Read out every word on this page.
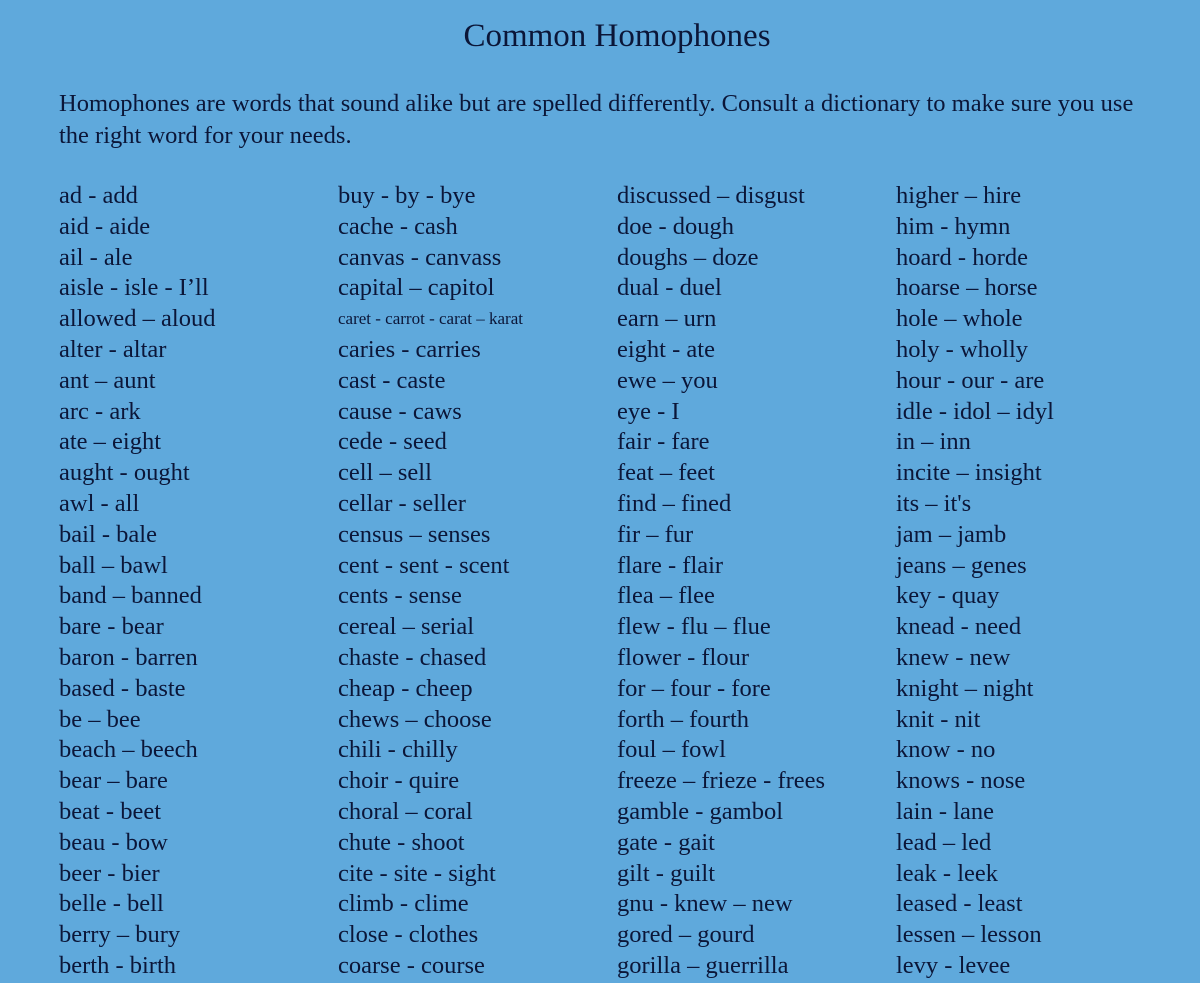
Common Homophones
Homophones are words that sound alike but are spelled differently. Consult a dictionary to make sure you use the right word for your needs.
ad - add
aid - aide
ail - ale
aisle - isle - I’ll
allowed – aloud
alter - altar
ant – aunt
arc - ark
ate – eight
aught - ought
awl - all
bail - bale
ball – bawl
band – banned
bare - bear
baron - barren
based - baste
be – bee
beach – beech
bear – bare
beat - beet
beau - bow
beer - bier
belle - bell
berry – bury
berth - birth
buy - by - bye
cache - cash
canvas - canvass
capital – capitol
caret - carrot - carat – karat
caries - carries
cast - caste
cause - caws
cede - seed
cell – sell
cellar - seller
census – senses
cent - sent - scent
cents - sense
cereal – serial
chaste - chased
cheap - cheep
chews – choose
chili - chilly
choir - quire
choral – coral
chute - shoot
cite - site - sight
climb - clime
close - clothes
coarse - course
discussed – disgust
doe - dough
doughs – doze
dual - duel
earn – urn
eight - ate
ewe – you
eye - I
fair - fare
feat – feet
find – fined
fir – fur
flare - flair
flea – flee
flew - flu – flue
flower - flour
for – four - fore
forth – fourth
foul – fowl
freeze – frieze - frees
gamble - gambol
gate - gait
gilt - guilt
gnu - knew – new
gored – gourd
gorilla – guerrilla
higher – hire
him - hymn
hoard - horde
hoarse – horse
hole – whole
holy - wholly
hour - our - are
idle - idol – idyl
in – inn
incite – insight
its – it's
jam – jamb
jeans – genes
key - quay
knead - need
knew - new
knight – night
knit - nit
know - no
knows - nose
lain - lane
lead – led
leak - leek
leased - least
lessen – lesson
levy - levee
